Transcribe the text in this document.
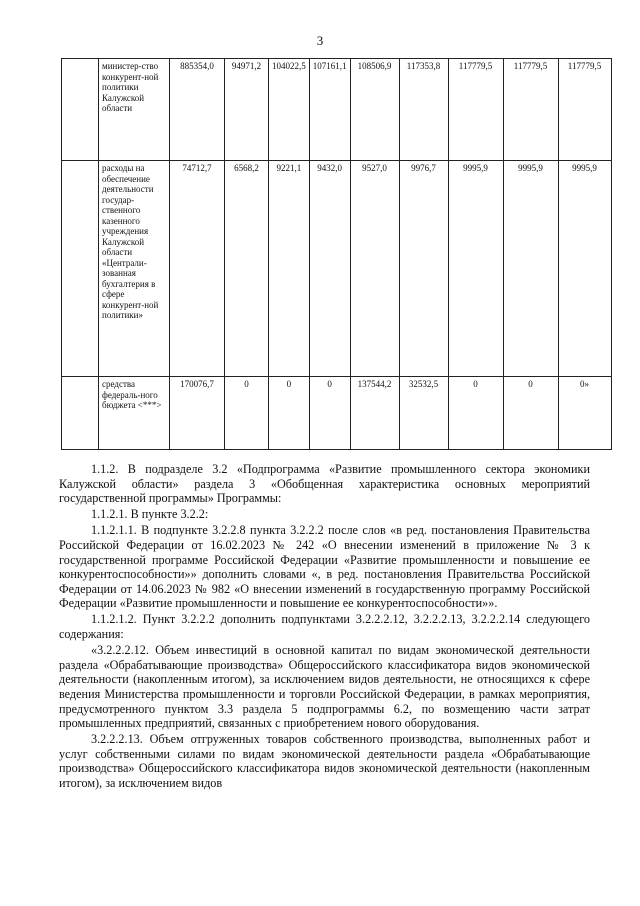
3
	министер-ство конкурент-ной политики Калужской области	885354,0	94971,2	104022,5	107161,1	108506,9	117353,8	117779,5	117779,5	117779,5
	расходы на обеспечение деятельности государ-ственного казенного учреждения Калужской области «Централи-зованная бухгалтерия в сфере конкурент-ной политики»	74712,7	6568,2	9221,1	9432,0	9527,0	9976,7	9995,9	9995,9	9995,9
	средства федераль-ного бюджета <***>	170076,7	0	0	0	137544,2	32532,5	0	0	0»

1.1.2. В подразделе 3.2 «Подпрограмма «Развитие промышленного сектора экономики Калужской области» раздела 3 «Обобщенная характеристика основных мероприятий государственной программы» Программы:

1.1.2.1. В пункте 3.2.2:

1.1.2.1.1. В подпункте 3.2.2.8 пункта 3.2.2.2 после слов «в ред. постановления Правительства Российской Федерации от 16.02.2023 № 242 «О внесении изменений в приложение № 3 к государственной программе Российской Федерации «Развитие промышленности и повышение ее конкурентоспособности»» дополнить словами «, в ред. постановления Правительства Российской Федерации от 14.06.2023 № 982 «О внесении изменений в государственную программу Российской Федерации «Развитие промышленности и повышение ее конкурентоспособности»».

1.1.2.1.2. Пункт 3.2.2.2 дополнить подпунктами 3.2.2.2.12, 3.2.2.2.13, 3.2.2.2.14 следующего содержания:

«3.2.2.2.12. Объем инвестиций в основной капитал по видам экономической деятельности раздела «Обрабатывающие производства» Общероссийского классификатора видов экономической деятельности (накопленным итогом), за исключением видов деятельности, не относящихся к сфере ведения Министерства промышленности и торговли Российской Федерации, в рамках мероприятия, предусмотренного пунктом 3.3 раздела 5 подпрограммы 6.2, по возмещению части затрат промышленных предприятий, связанных с приобретением нового оборудования.

3.2.2.2.13. Объем отгруженных товаров собственного производства, выполненных работ и услуг собственными силами по видам экономической деятельности раздела «Обрабатывающие производства» Общероссийского классификатора видов экономической деятельности (накопленным итогом), за исключением видов
